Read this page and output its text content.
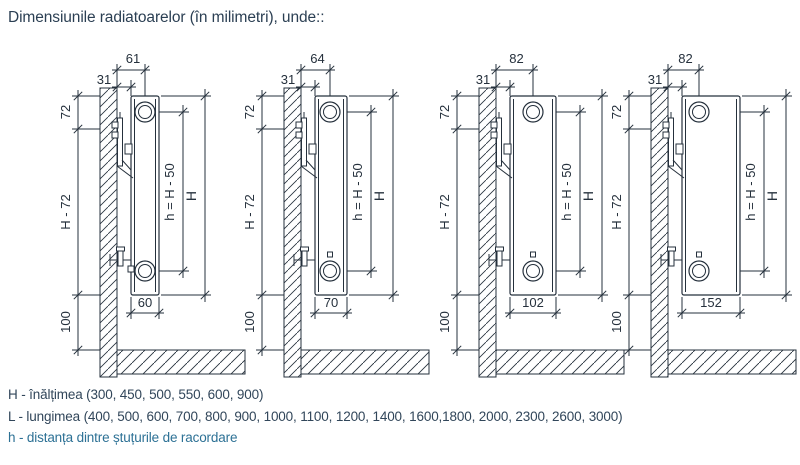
Dimensiunile radiatoarelor (în milimetri), unde::
61
31
72
H - 72
100
60
h = H - 50 H
64
31
72
H - 72
100
70
h = H - 50 H
82
31
72
H - 72
100
102
h = H - 50 H
82
31
72
H - 72
100
152
h = H - 50 H
H - înălțimea (300, 450, 500, 550, 600, 900)
L - lungimea (400, 500, 600, 700, 800, 900, 1000, 1100, 1200, 1400, 1600,1800, 2000, 2300, 2600, 3000)
h - distanța dintre ștuțurile de racordare
